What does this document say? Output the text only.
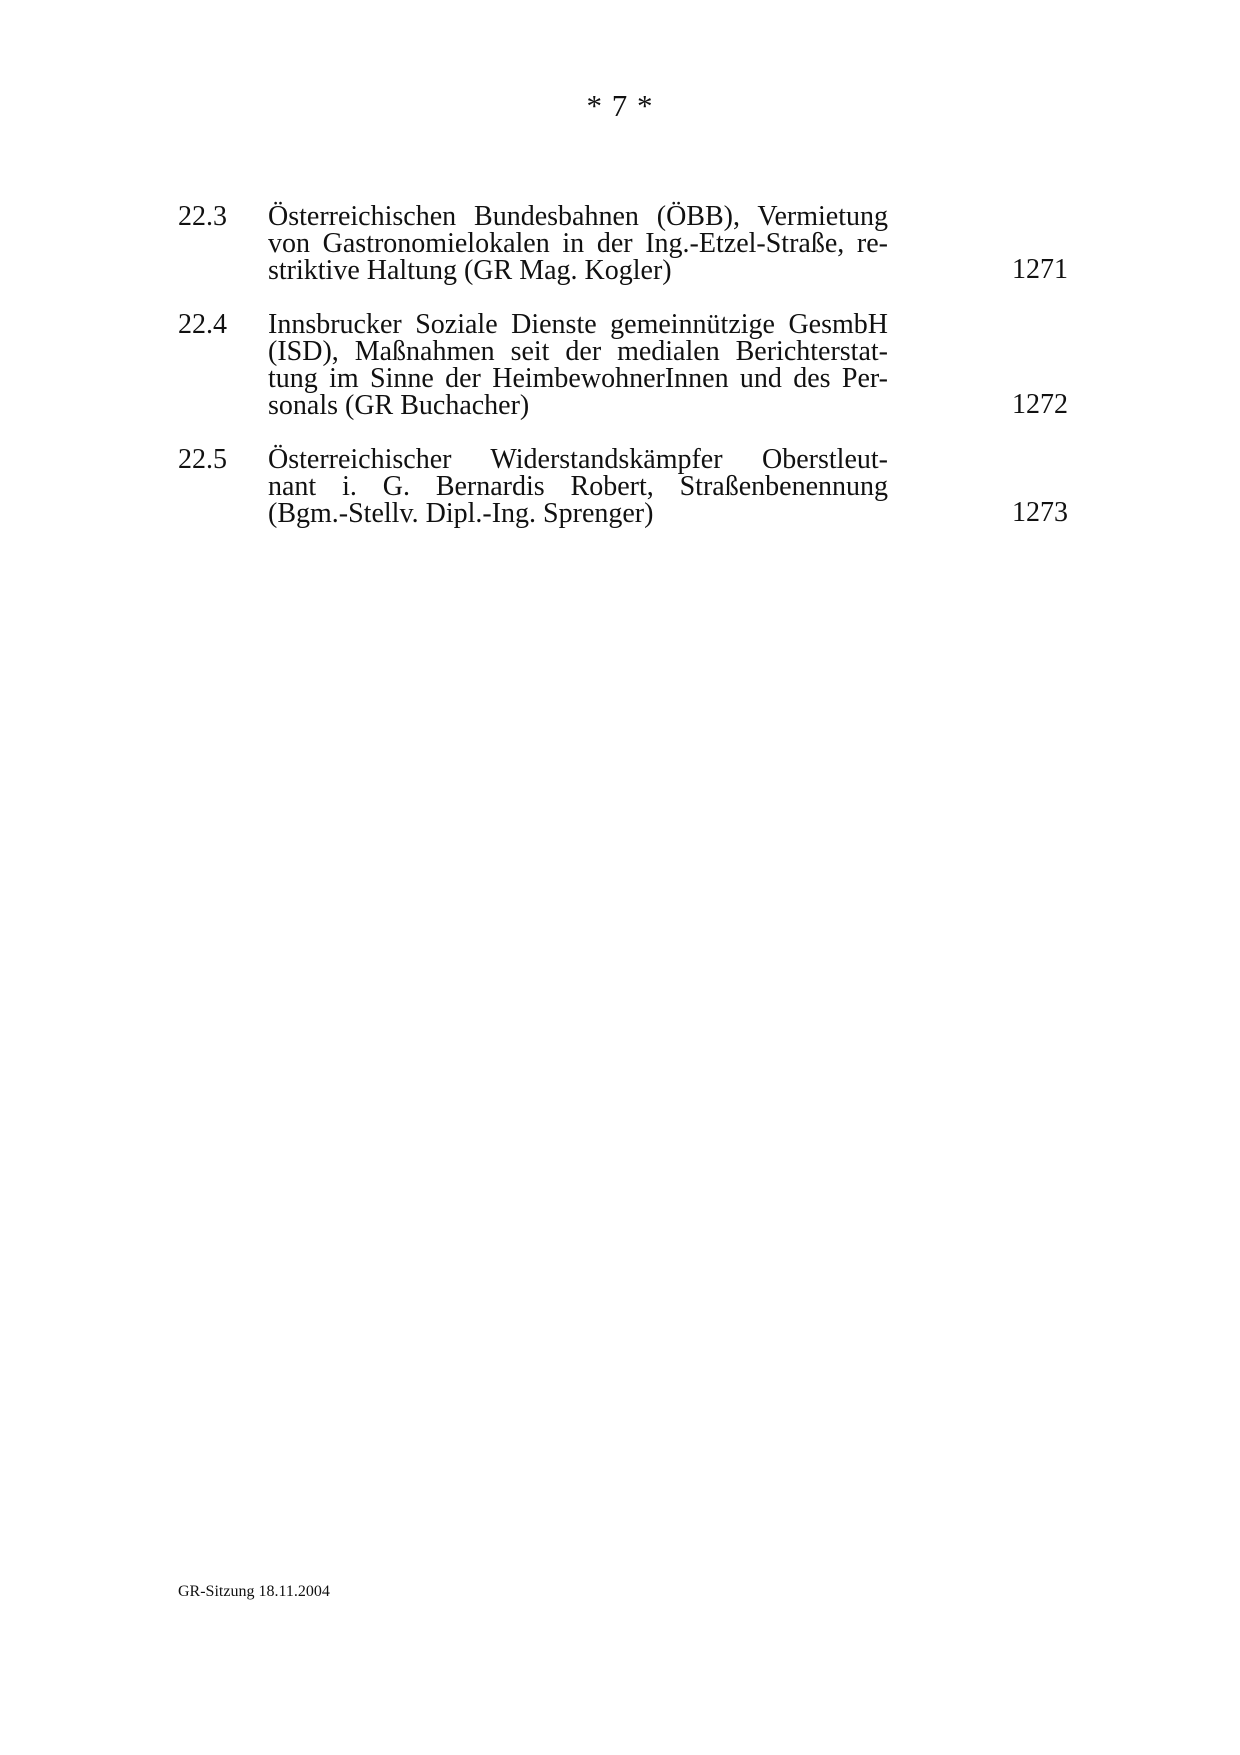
* 7 *
22.3 Österreichischen Bundesbahnen (ÖBB), Vermietung
von Gastronomielokalen in der Ing.-Etzel-Straße, re-
striktive Haltung (GR Mag. Kogler)	1271
22.4 Innsbrucker Soziale Dienste gemeinnützige GesmbH
(ISD), Maßnahmen seit der medialen Berichterstat-
tung im Sinne der HeimbewohnerInnen und des Per-
sonals (GR Buchacher)	1272
22.5 Österreichischer Widerstandskämpfer Oberstleut-
nant i. G. Bernardis Robert, Straßenbenennung
(Bgm.-Stellv. Dipl.-Ing. Sprenger)	1273
GR-Sitzung 18.11.2004
